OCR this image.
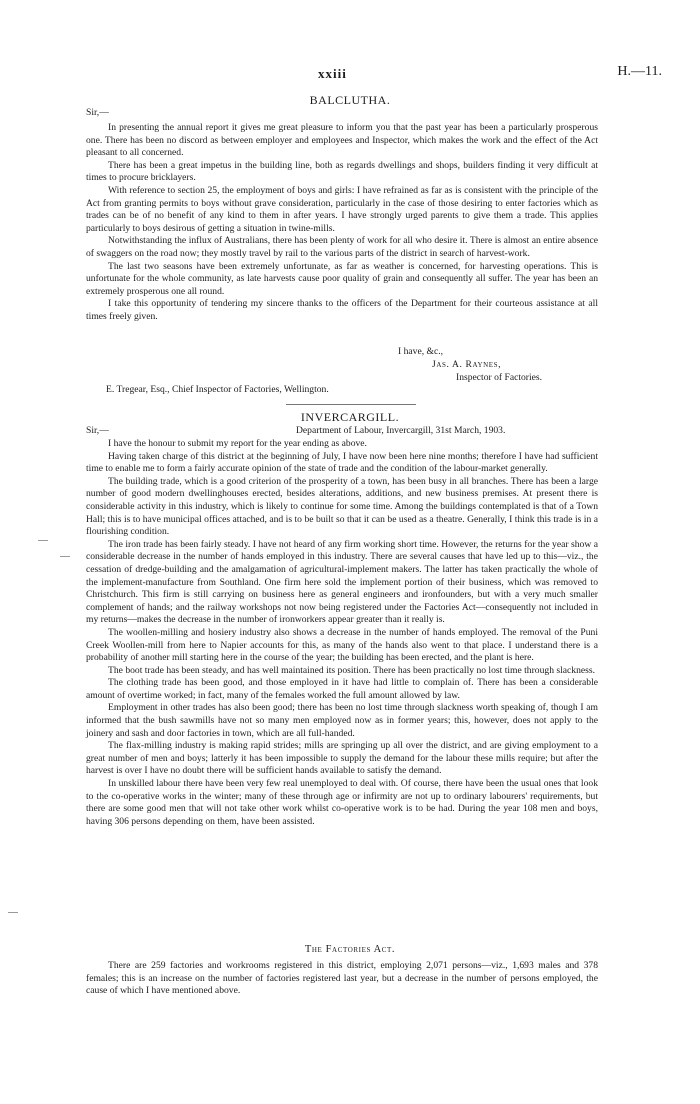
xxiii	H.—11.
BALCLUTHA.
Sir,—

In presenting the annual report it gives me great pleasure to inform you that the past year has been a particularly prosperous one. There has been no discord as between employer and employees and Inspector, which makes the work and the effect of the Act pleasant to all concerned.

There has been a great impetus in the building line, both as regards dwellings and shops, builders finding it very difficult at times to procure bricklayers.

With reference to section 25, the employment of boys and girls: I have refrained as far as is consistent with the principle of the Act from granting permits to boys without grave consideration, particularly in the case of those desiring to enter factories which as trades can be of no benefit of any kind to them in after years. I have strongly urged parents to give them a trade. This applies particularly to boys desirous of getting a situation in twine-mills.

Notwithstanding the influx of Australians, there has been plenty of work for all who desire it. There is almost an entire absence of swaggers on the road now; they mostly travel by rail to the various parts of the district in search of harvest-work.

The last two seasons have been extremely unfortunate, as far as weather is concerned, for harvesting operations. This is unfortunate for the whole community, as late harvests cause poor quality of grain and consequently all suffer. The year has been an extremely prosperous one all round.

I take this opportunity of tendering my sincere thanks to the officers of the Department for their courteous assistance at all times freely given.

I have, &c.,
Jas. A. Raynes,
Inspector of Factories.
E. Tregear, Esq., Chief Inspector of Factories, Wellington.
INVERCARGILL.
Sir,—	Department of Labour, Invercargill, 31st March, 1903.

I have the honour to submit my report for the year ending as above.

Having taken charge of this district at the beginning of July, I have now been here nine months; therefore I have had sufficient time to enable me to form a fairly accurate opinion of the state of trade and the condition of the labour-market generally.

The building trade, which is a good criterion of the prosperity of a town, has been busy in all branches. There has been a large number of good modern dwellinghouses erected, besides alterations, additions, and new business premises. At present there is considerable activity in this industry, which is likely to continue for some time. Among the buildings contemplated is that of a Town Hall; this is to have municipal offices attached, and is to be built so that it can be used as a theatre. Generally, I think this trade is in a flourishing condition.

The iron trade has been fairly steady. I have not heard of any firm working short time. However, the returns for the year show a considerable decrease in the number of hands employed in this industry. There are several causes that have led up to this—viz., the cessation of dredge-building and the amalgamation of agricultural-implement makers. The latter has taken practically the whole of the implement-manufacture from Southland. One firm here sold the implement portion of their business, which was removed to Christchurch. This firm is still carrying on business here as general engineers and ironfounders, but with a very much smaller complement of hands; and the railway workshops not now being registered under the Factories Act—consequently not included in my returns—makes the decrease in the number of ironworkers appear greater than it really is.

The woollen-milling and hosiery industry also shows a decrease in the number of hands employed. The removal of the Puni Creek Woollen-mill from here to Napier accounts for this, as many of the hands also went to that place. I understand there is a probability of another mill starting here in the course of the year; the building has been erected, and the plant is here.

The boot trade has been steady, and has well maintained its position. There has been practically no lost time through slackness.

The clothing trade has been good, and those employed in it have had little to complain of. There has been a considerable amount of overtime worked; in fact, many of the females worked the full amount allowed by law.

Employment in other trades has also been good; there has been no lost time through slackness worth speaking of, though I am informed that the bush sawmills have not so many men employed now as in former years; this, however, does not apply to the joinery and sash and door factories in town, which are all full-handed.

The flax-milling industry is making rapid strides; mills are springing up all over the district, and are giving employment to a great number of men and boys; latterly it has been impossible to supply the demand for the labour these mills require; but after the harvest is over I have no doubt there will be sufficient hands available to satisfy the demand.

In unskilled labour there have been very few real unemployed to deal with. Of course, there have been the usual ones that look to the co-operative works in the winter; many of these through age or infirmity are not up to ordinary labourers' requirements, but there are some good men that will not take other work whilst co-operative work is to be had. During the year 108 men and boys, having 306 persons depending on them, have been assisted.

The Factories Act.

There are 259 factories and workrooms registered in this district, employing 2,071 persons—viz., 1,693 males and 378 females; this is an increase on the number of factories registered last year, but a decrease in the number of persons employed, the cause of which I have mentioned above.
